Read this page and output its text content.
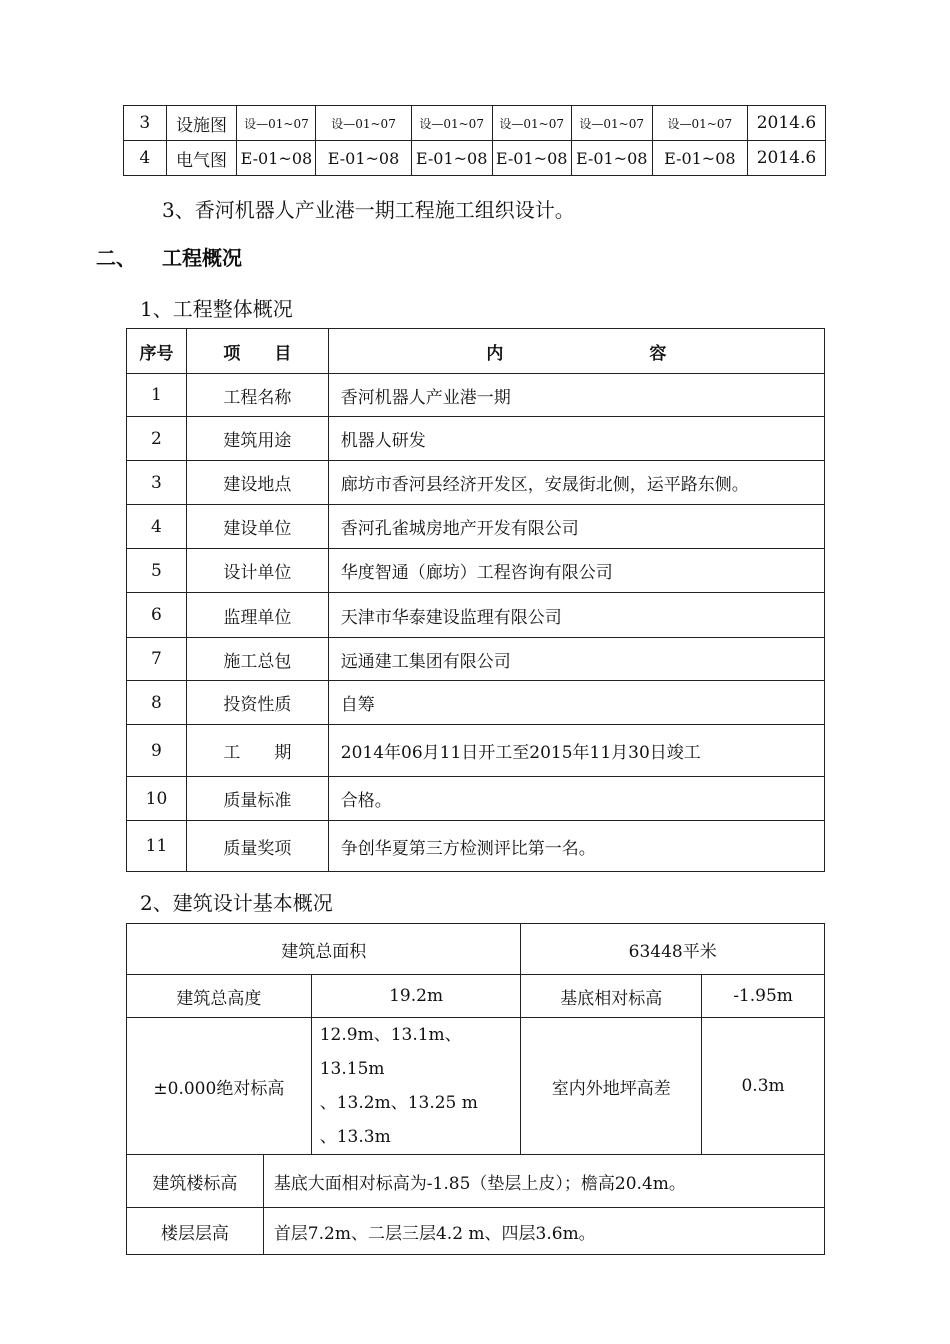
3	设施图	设—01~07	设—01~07	设—01~07	设—01~07	设—01~07	设—01~07	2014.6
4	电气图	E-01~08	E-01~08	E-01~08	E-01~08	E-01~08	E-01~08	2014.6
3、香河机器人产业港一期工程施工组织设计。
二、 工程概况
1、工程整体概况
序号	项　　目	内 容
1	工程名称	香河机器人产业港一期
2	建筑用途	机器人研发
3	建设地点	廊坊市香河县经济开发区，安晟街北侧，运平路东侧。
4	建设单位	香河孔雀城房地产开发有限公司
5	设计单位	华度智通（廊坊）工程咨询有限公司
6	监理单位	天津市华泰建设监理有限公司
7	施工总包	远通建工集团有限公司
8	投资性质	自筹
9	工　　期	2014年06月11日开工至2015年11月30日竣工
10	质量标准	合格。
11	质量奖项	争创华夏第三方检测评比第一名。
2、建筑设计基本概况
建筑总面积			63448平米	
建筑总高度		19.2m	基底相对标高	-1.95m
±0.000绝对标高		12.9m、13.1m、13.15m
、13.2m、13.25 m
、13.3m	室内外地坪高差	0.3m
建筑楼标高	基底大面相对标高为-1.85（垫层上皮）；檐高20.4m。			
楼层层高	首层7.2m、二层三层4.2 m、四层3.6m。			
